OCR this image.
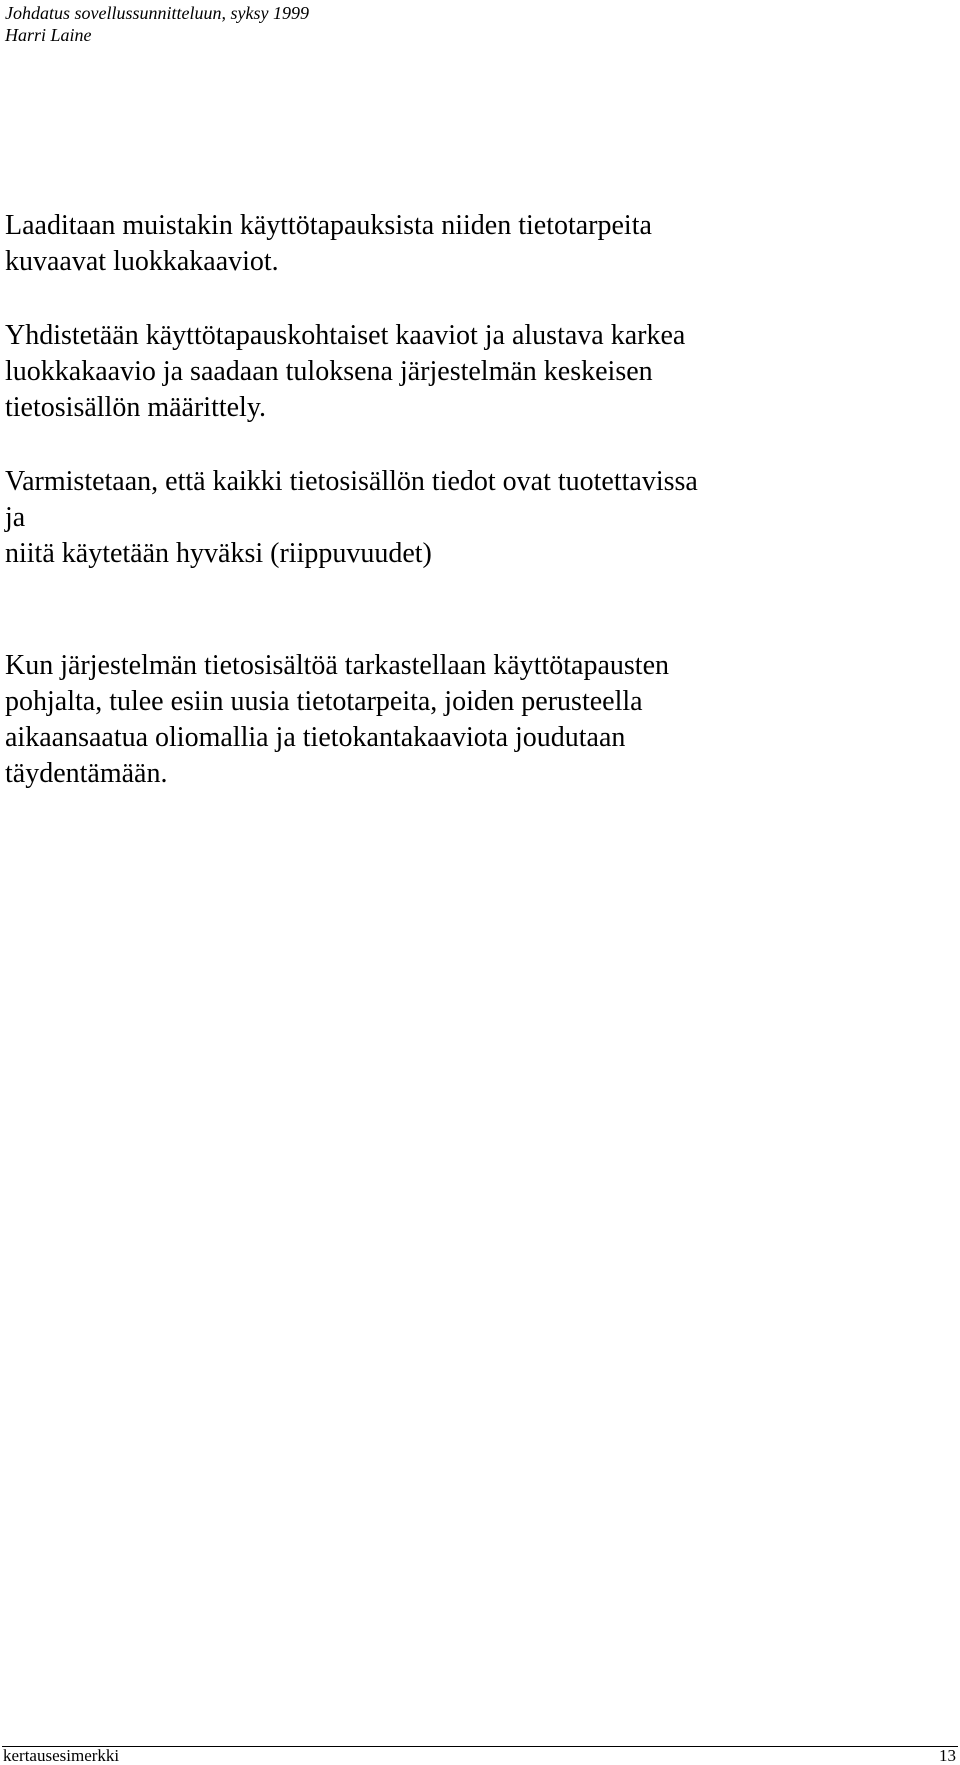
Johdatus sovellussunnitteluun, syksy 1999
Harri Laine
Laaditaan muistakin käyttötapauksista niiden tietotarpeita
kuvaavat luokkakaaviot.
Yhdistetään käyttötapauskohtaiset kaaviot ja alustava karkea
luokkakaavio ja saadaan tuloksena järjestelmän keskeisen
tietosisällön määrittely.
Varmistetaan, että kaikki tietosisällön tiedot ovat tuotettavissa
ja
niitä käytetään hyväksi (riippuvuudet)
Kun järjestelmän tietosisältöä tarkastellaan käyttötapausten
pohjalta, tulee esiin uusia tietotarpeita, joiden perusteella
aikaansaatua oliomallia ja tietokantakaaviota joudutaan
täydentämään.
kertausesimerkki	13
